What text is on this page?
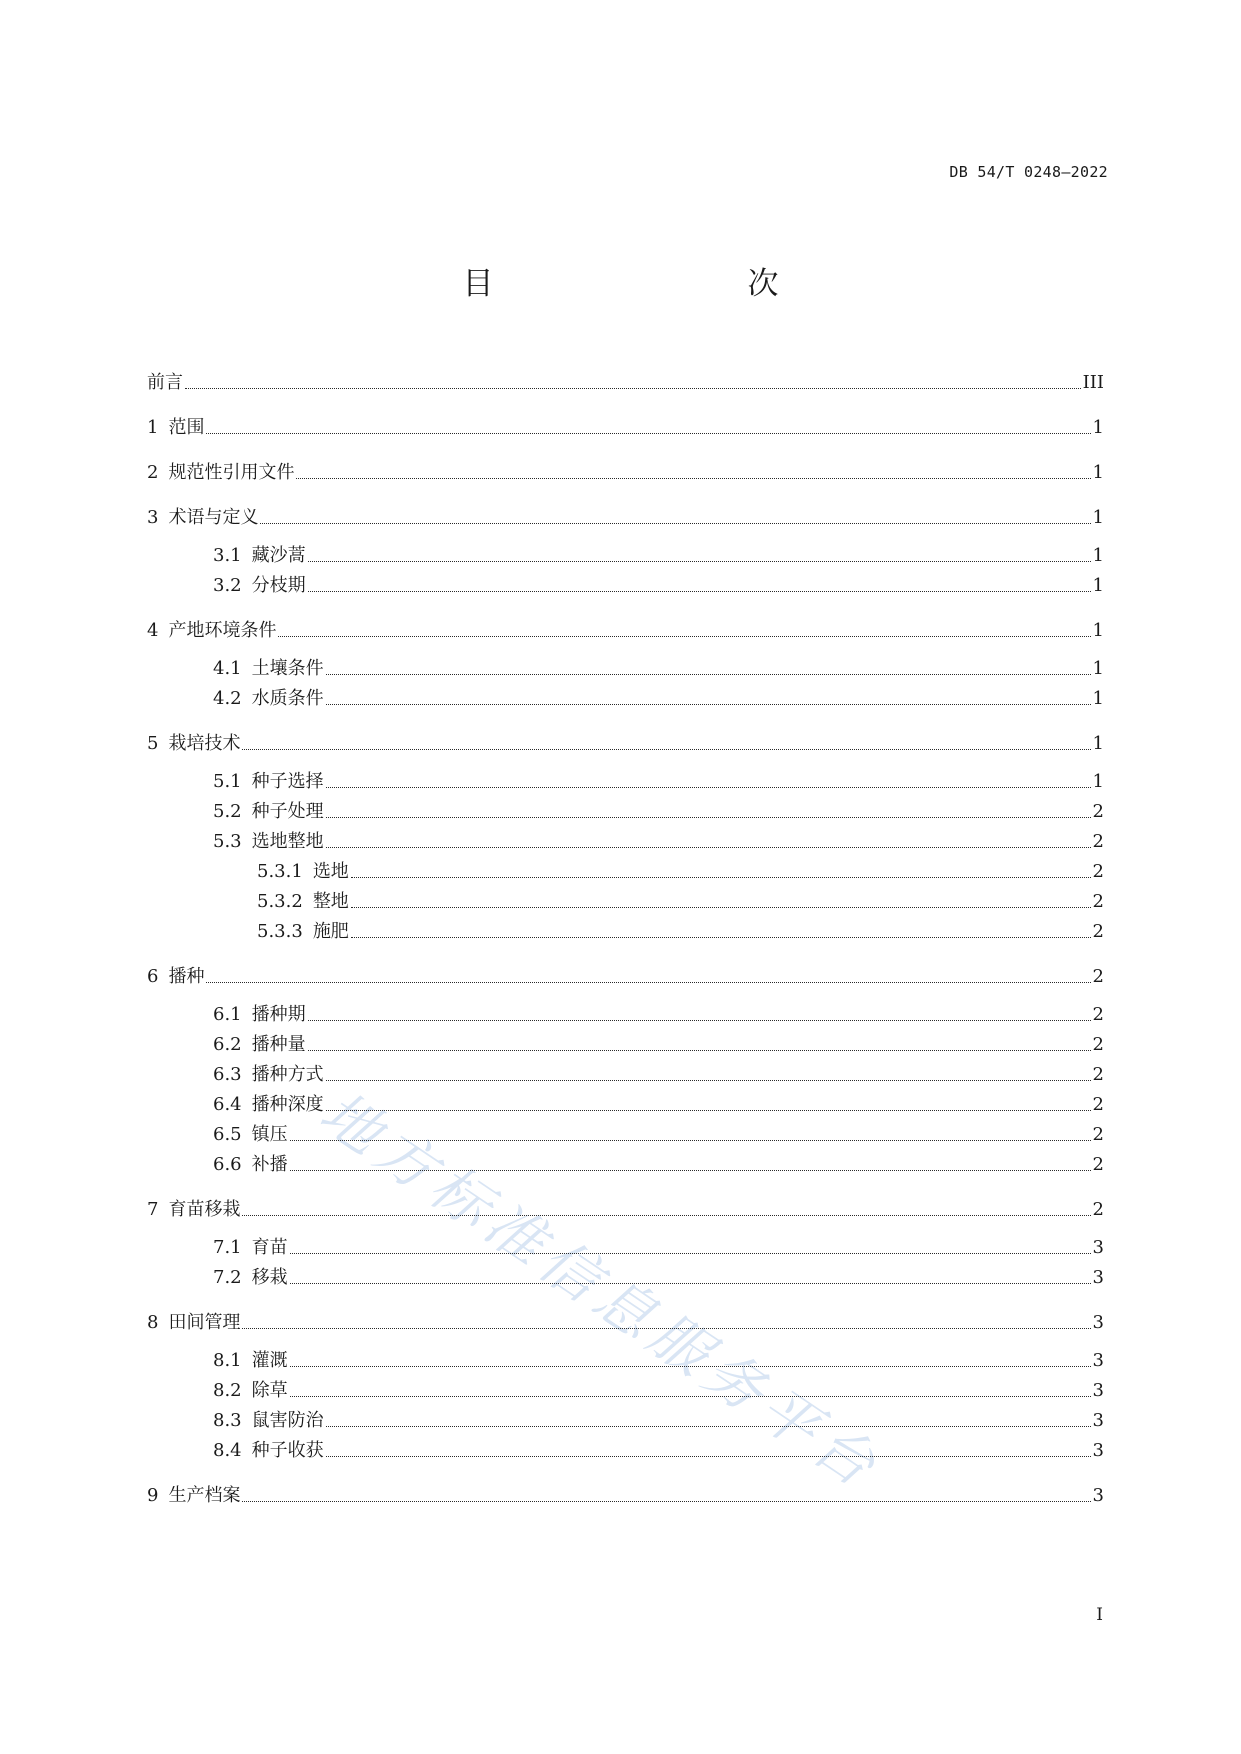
DB 54/T 0248—2022
目　　次
地方标准信息服务平台
前言	III
1 范围	1
2 规范性引用文件	1
3 术语与定义	1
3.1 藏沙蒿	1
3.2 分枝期	1
4 产地环境条件	1
4.1 土壤条件	1
4.2 水质条件	1
5 栽培技术	1
5.1 种子选择	1
5.2 种子处理	2
5.3 选地整地	2
5.3.1 选地	2
5.3.2 整地	2
5.3.3 施肥	2
6 播种	2
6.1 播种期	2
6.2 播种量	2
6.3 播种方式	2
6.4 播种深度	2
6.5 镇压	2
6.6 补播	2
7 育苗移栽	2
7.1 育苗	3
7.2 移栽	3
8 田间管理	3
8.1 灌溉	3
8.2 除草	3
8.3 鼠害防治	3
8.4 种子收获	3
9 生产档案	3
I
